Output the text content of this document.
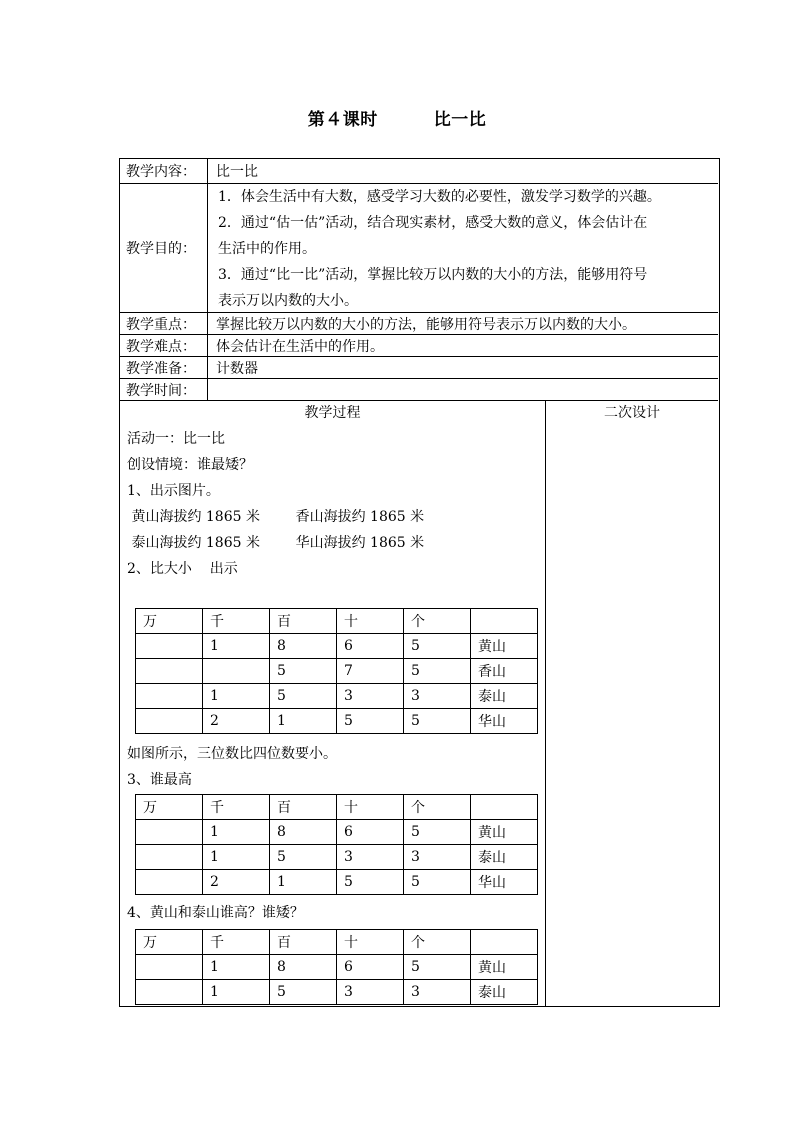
第４课时	比一比
教学内容：	比一比
教学目的：
1．体会生活中有大数，感受学习大数的必要性，激发学习数学的兴趣。
2．通过“估一估”活动，结合现实素材，感受大数的意义，体会估计在
生活中的作用。
3．通过“比一比”活动，掌握比较万以内数的大小的方法，能够用符号
表示万以内数的大小。
教学重点：	掌握比较万以内数的大小的方法，能够用符号表示万以内数的大小。
教学难点：	体会估计在生活中的作用。
教学准备：	计数器
教学时间：
教学过程	二次设计
活动一：比一比
创设情境：谁最矮？
1、出示图片。
黄山海拔约 1865 米        香山海拔约 1865 米
泰山海拔约 1865 米        华山海拔约 1865 米
2、比大小    出示
万	千	百	十	个	
	1	8	6	5	黄山
		5	7	5	香山
	1	5	3	3	泰山
	2	1	5	5	华山
如图所示，三位数比四位数要小。
3、谁最高
万	千	百	十	个	
	1	8	6	5	黄山
	1	5	3	3	泰山
	2	1	5	5	华山
4、黄山和泰山谁高？谁矮？
万	千	百	十	个	
	1	8	6	5	黄山
	1	5	3	3	泰山
